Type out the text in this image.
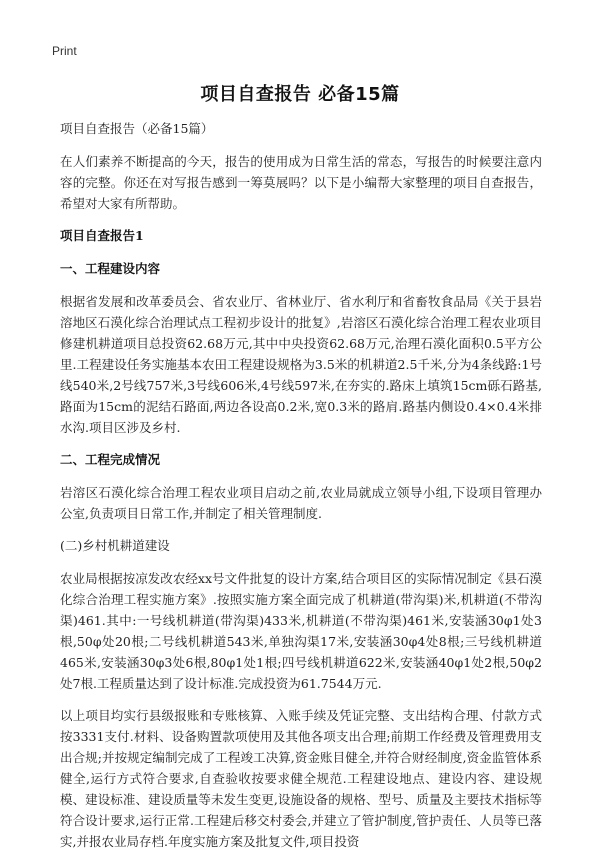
Print
项目自查报告 必备15篇

项目自查报告（必备15篇）

在人们素养不断提高的今天，报告的使用成为日常生活的常态，写报告的时候要注意内容的完整。你还在对写报告感到一筹莫展吗？以下是小编帮大家整理的项目自查报告，希望对大家有所帮助。

项目自查报告1

一、工程建设内容

根据省发展和改革委员会、省农业厅、省林业厅、省水利厅和省畜牧食品局《关于县岩溶地区石漠化综合治理试点工程初步设计的批复》,岩溶区石漠化综合治理工程农业项目修建机耕道项目总投资62.68万元,其中中央投资62.68万元,治理石漠化面积0.5平方公里.工程建设任务实施基本农田工程建设规格为3.5米的机耕道2.5千米,分为4条线路:1号线540米,2号线757米,3号线606米,4号线597米,在夯实的.路床上填筑15cm砾石路基,路面为15cm的泥结石路面,两边各设高0.2米,宽0.3米的路肩.路基内侧设0.4×0.4米排水沟.项目区涉及乡村.

二、工程完成情况

岩溶区石漠化综合治理工程农业项目启动之前,农业局就成立领导小组,下设项目管理办公室,负责项目日常工作,并制定了相关管理制度.

(二)乡村机耕道建设

农业局根据按凉发改农经xx号文件批复的设计方案,结合项目区的实际情况制定《县石漠化综合治理工程实施方案》.按照实施方案全面完成了机耕道(带沟渠)米,机耕道(不带沟渠)461.其中:一号线机耕道(带沟渠)433米,机耕道(不带沟渠)461米,安装涵30φ1处3根,50φ处20根;二号线机耕道543米,单独沟渠17米,安装涵30φ4处8根;三号线机耕道465米,安装涵30φ3处6根,80φ1处1根;四号线机耕道622米,安装涵40φ1处2根,50φ2处7根.工程质量达到了设计标准.完成投资为61.7544万元.

以上项目均实行县级报账和专账核算、入账手续及凭证完整、支出结构合理、付款方式按3331支付.材料、设备购置款项使用及其他各项支出合理;前期工作经费及管理费用支出合规;并按规定编制完成了工程竣工决算,资金账目健全,并符合财经制度,资金监管体系健全,运行方式符合要求,自查验收按要求健全规范.工程建设地点、建设内容、建设规模、建设标准、建设质量等未发生变更,设施设备的规格、型号、质量及主要技术指标等符合设计要求,运行正常.工程建后移交村委会,并建立了管护制度,管护责任、人员等已落实,并报农业局存档.年度实施方案及批复文件,项目投资
